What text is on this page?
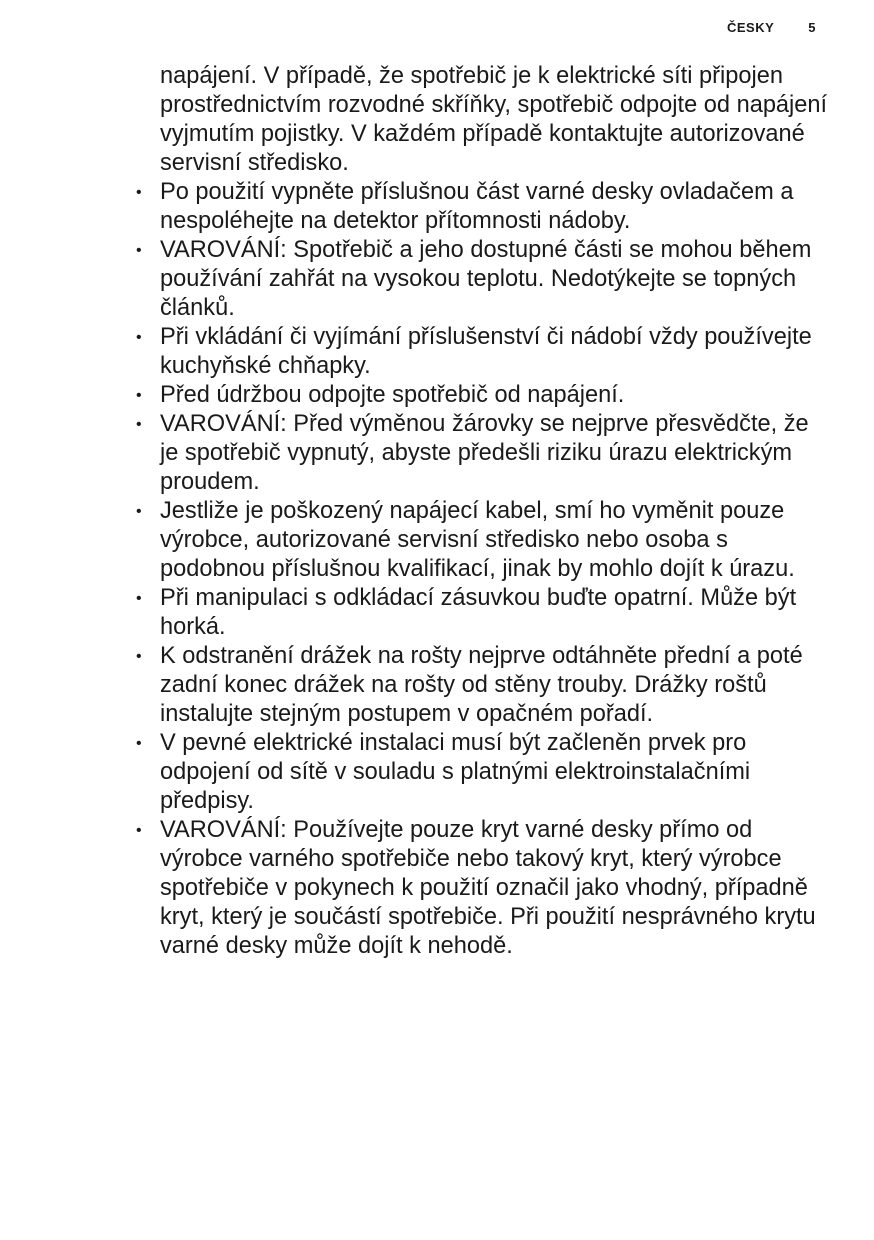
ČESKY	5

napájení. V případě, že spotřebič je k elektrické síti připojen prostřednictvím rozvodné skříňky, spotřebič odpojte od napájení vyjmutím pojistky. V každém případě kontaktujte autorizované servisní středisko.

• Po použití vypněte příslušnou část varné desky ovladačem a nespoléhejte na detektor přítomnosti nádoby.
• VAROVÁNÍ: Spotřebič a jeho dostupné části se mohou během používání zahřát na vysokou teplotu. Nedotýkejte se topných článků.
• Při vkládání či vyjímání příslušenství či nádobí vždy používejte kuchyňské chňapky.
• Před údržbou odpojte spotřebič od napájení.
• VAROVÁNÍ: Před výměnou žárovky se nejprve přesvědčte, že je spotřebič vypnutý, abyste předešli riziku úrazu elektrickým proudem.
• Jestliže je poškozený napájecí kabel, smí ho vyměnit pouze výrobce, autorizované servisní středisko nebo osoba s podobnou příslušnou kvalifikací, jinak by mohlo dojít k úrazu.
• Při manipulaci s odkládací zásuvkou buďte opatrní. Může být horká.
• K odstranění drážek na rošty nejprve odtáhněte přední a poté zadní konec drážek na rošty od stěny trouby. Drážky roštů instalujte stejným postupem v opačném pořadí.
• V pevné elektrické instalaci musí být začleněn prvek pro odpojení od sítě v souladu s platnými elektroinstalačními předpisy.
• VAROVÁNÍ: Používejte pouze kryt varné desky přímo od výrobce varného spotřebiče nebo takový kryt, který výrobce spotřebiče v pokynech k použití označil jako vhodný, případně kryt, který je součástí spotřebiče. Při použití nesprávného krytu varné desky může dojít k nehodě.
